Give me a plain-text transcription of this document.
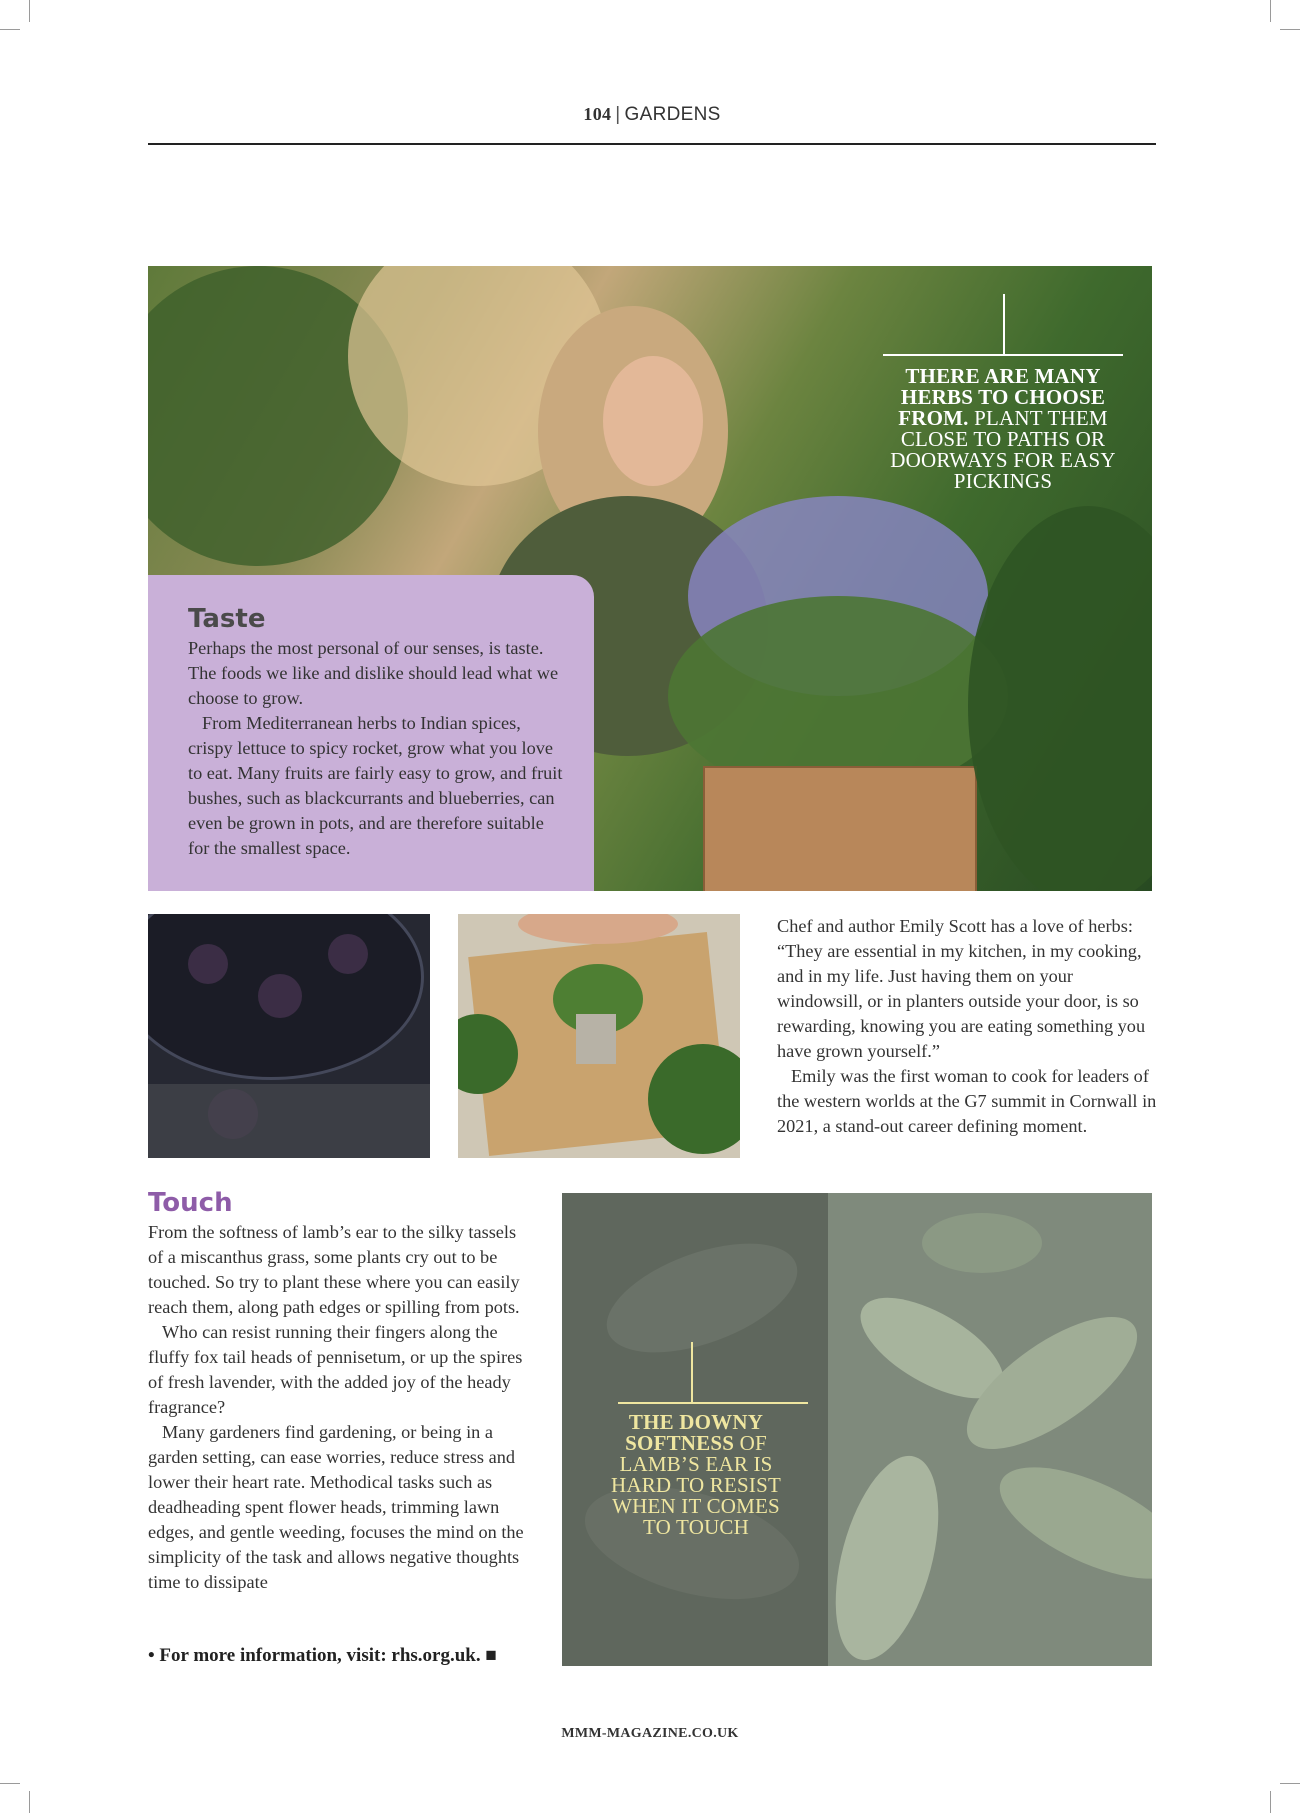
104 | GARDENS
THERE ARE MANY HERBS TO CHOOSE FROM. PLANT THEM CLOSE TO PATHS OR DOORWAYS FOR EASY PICKINGS
Taste

Perhaps the most personal of our senses, is taste. The foods we like and dislike should lead what we choose to grow.

From Mediterranean herbs to Indian spices, crispy lettuce to spicy rocket, grow what you love to eat. Many fruits are fairly easy to grow, and fruit bushes, such as blackcurrants and blueberries, can even be grown in pots, and are therefore suitable for the smallest space.

Chef and author Emily Scott has a love of herbs: “They are essential in my kitchen, in my cooking, and in my life. Just having them on your windowsill, or in planters outside your door, is so rewarding, knowing you are eating something you have grown yourself.”

Emily was the first woman to cook for leaders of the western worlds at the G7 summit in Cornwall in 2021, a stand-out career defining moment.

Touch

From the softness of lamb’s ear to the silky tassels of a miscanthus grass, some plants cry out to be touched. So try to plant these where you can easily reach them, along path edges or spilling from pots.

Who can resist running their fingers along the fluffy fox tail heads of pennisetum, or up the spires of fresh lavender, with the added joy of the heady fragrance?

Many gardeners find gardening, or being in a garden setting, can ease worries, reduce stress and lower their heart rate. Methodical tasks such as deadheading spent flower heads, trimming lawn edges, and gentle weeding, focuses the mind on the simplicity of the task and allows negative thoughts time to dissipate

• For more information, visit: rhs.org.uk. ■
THE DOWNY SOFTNESS OF LAMB’S EAR IS HARD TO RESIST WHEN IT COMES TO TOUCH
MMM-MAGAZINE.CO.UK
